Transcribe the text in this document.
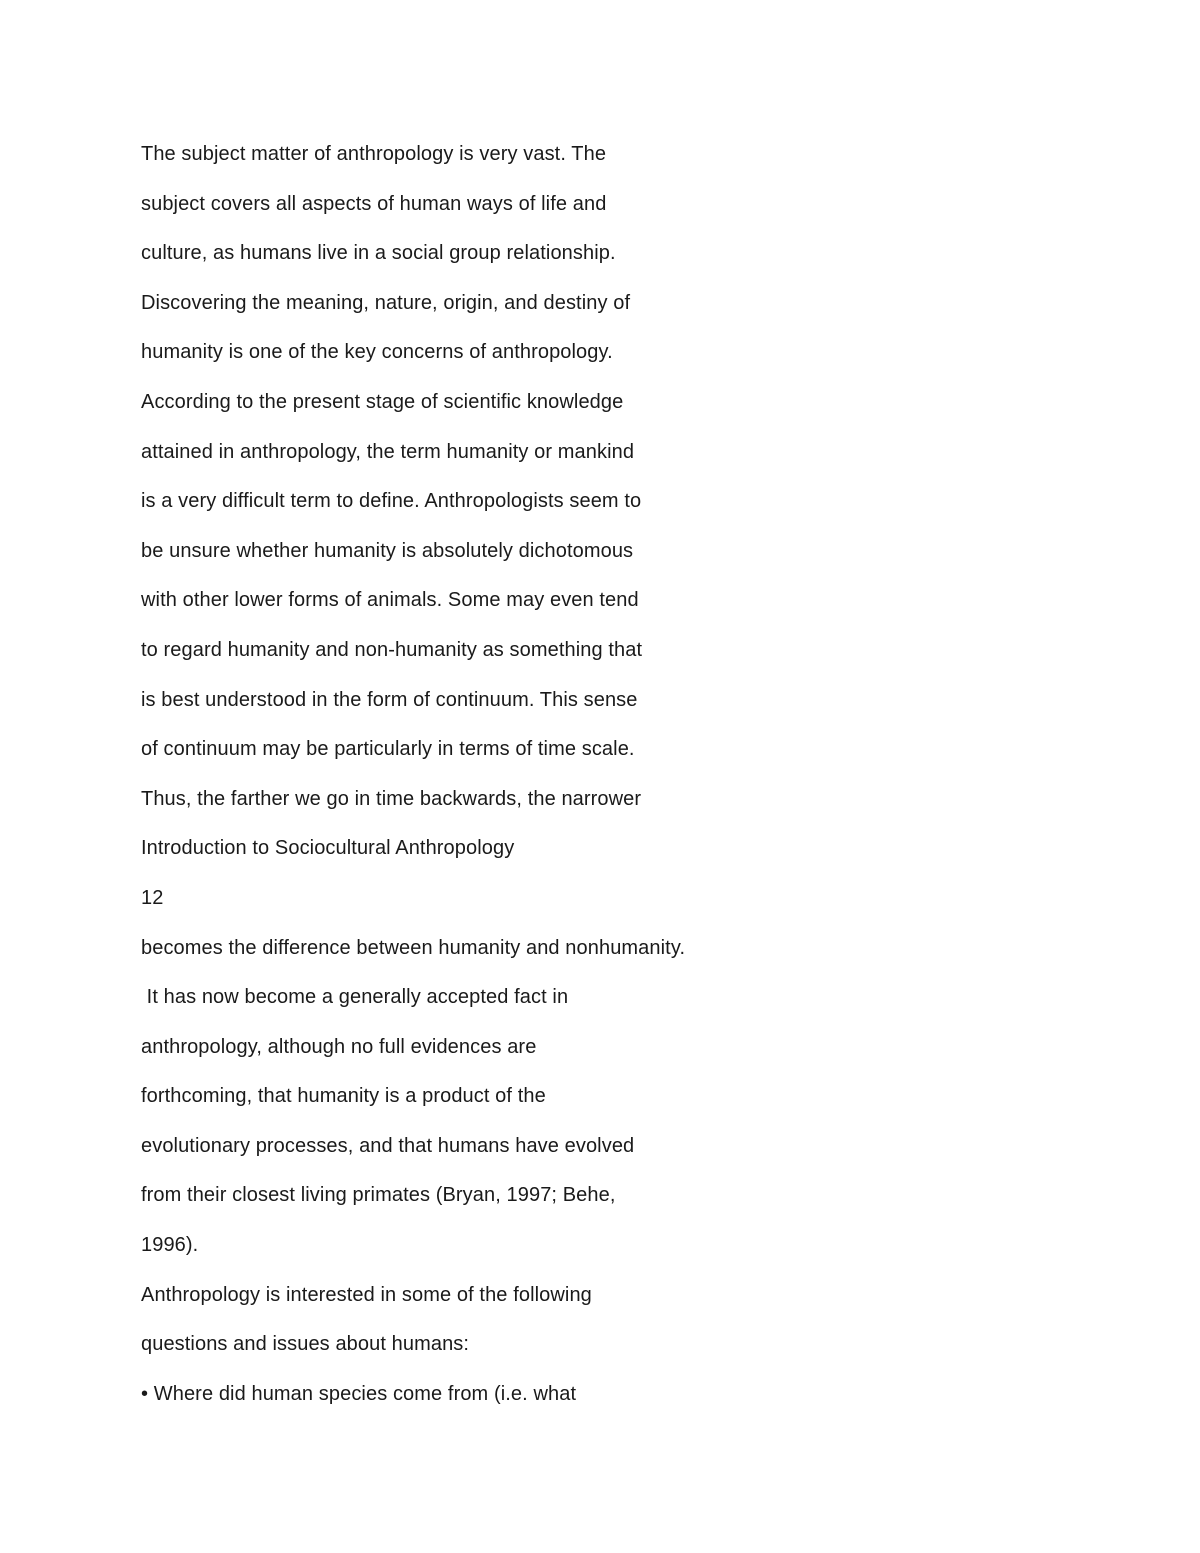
The subject matter of anthropology is very vast. The
subject covers all aspects of human ways of life and
culture, as humans live in a social group relationship.
Discovering the meaning, nature, origin, and destiny of
humanity is one of the key concerns of anthropology.
According to the present stage of scientific knowledge
attained in anthropology, the term humanity or mankind
is a very difficult term to define. Anthropologists seem to
be unsure whether humanity is absolutely dichotomous
with other lower forms of animals. Some may even tend
to regard humanity and non-humanity as something that
is best understood in the form of continuum. This sense
of continuum may be particularly in terms of time scale.
Thus, the farther we go in time backwards, the narrower
Introduction to Sociocultural Anthropology
12
becomes the difference between humanity and nonhumanity.
It has now become a generally accepted fact in
anthropology, although no full evidences are
forthcoming, that humanity is a product of the
evolutionary processes, and that humans have evolved
from their closest living primates (Bryan, 1997; Behe,
1996).
Anthropology is interested in some of the following
questions and issues about humans:
• Where did human species come from (i.e. what
